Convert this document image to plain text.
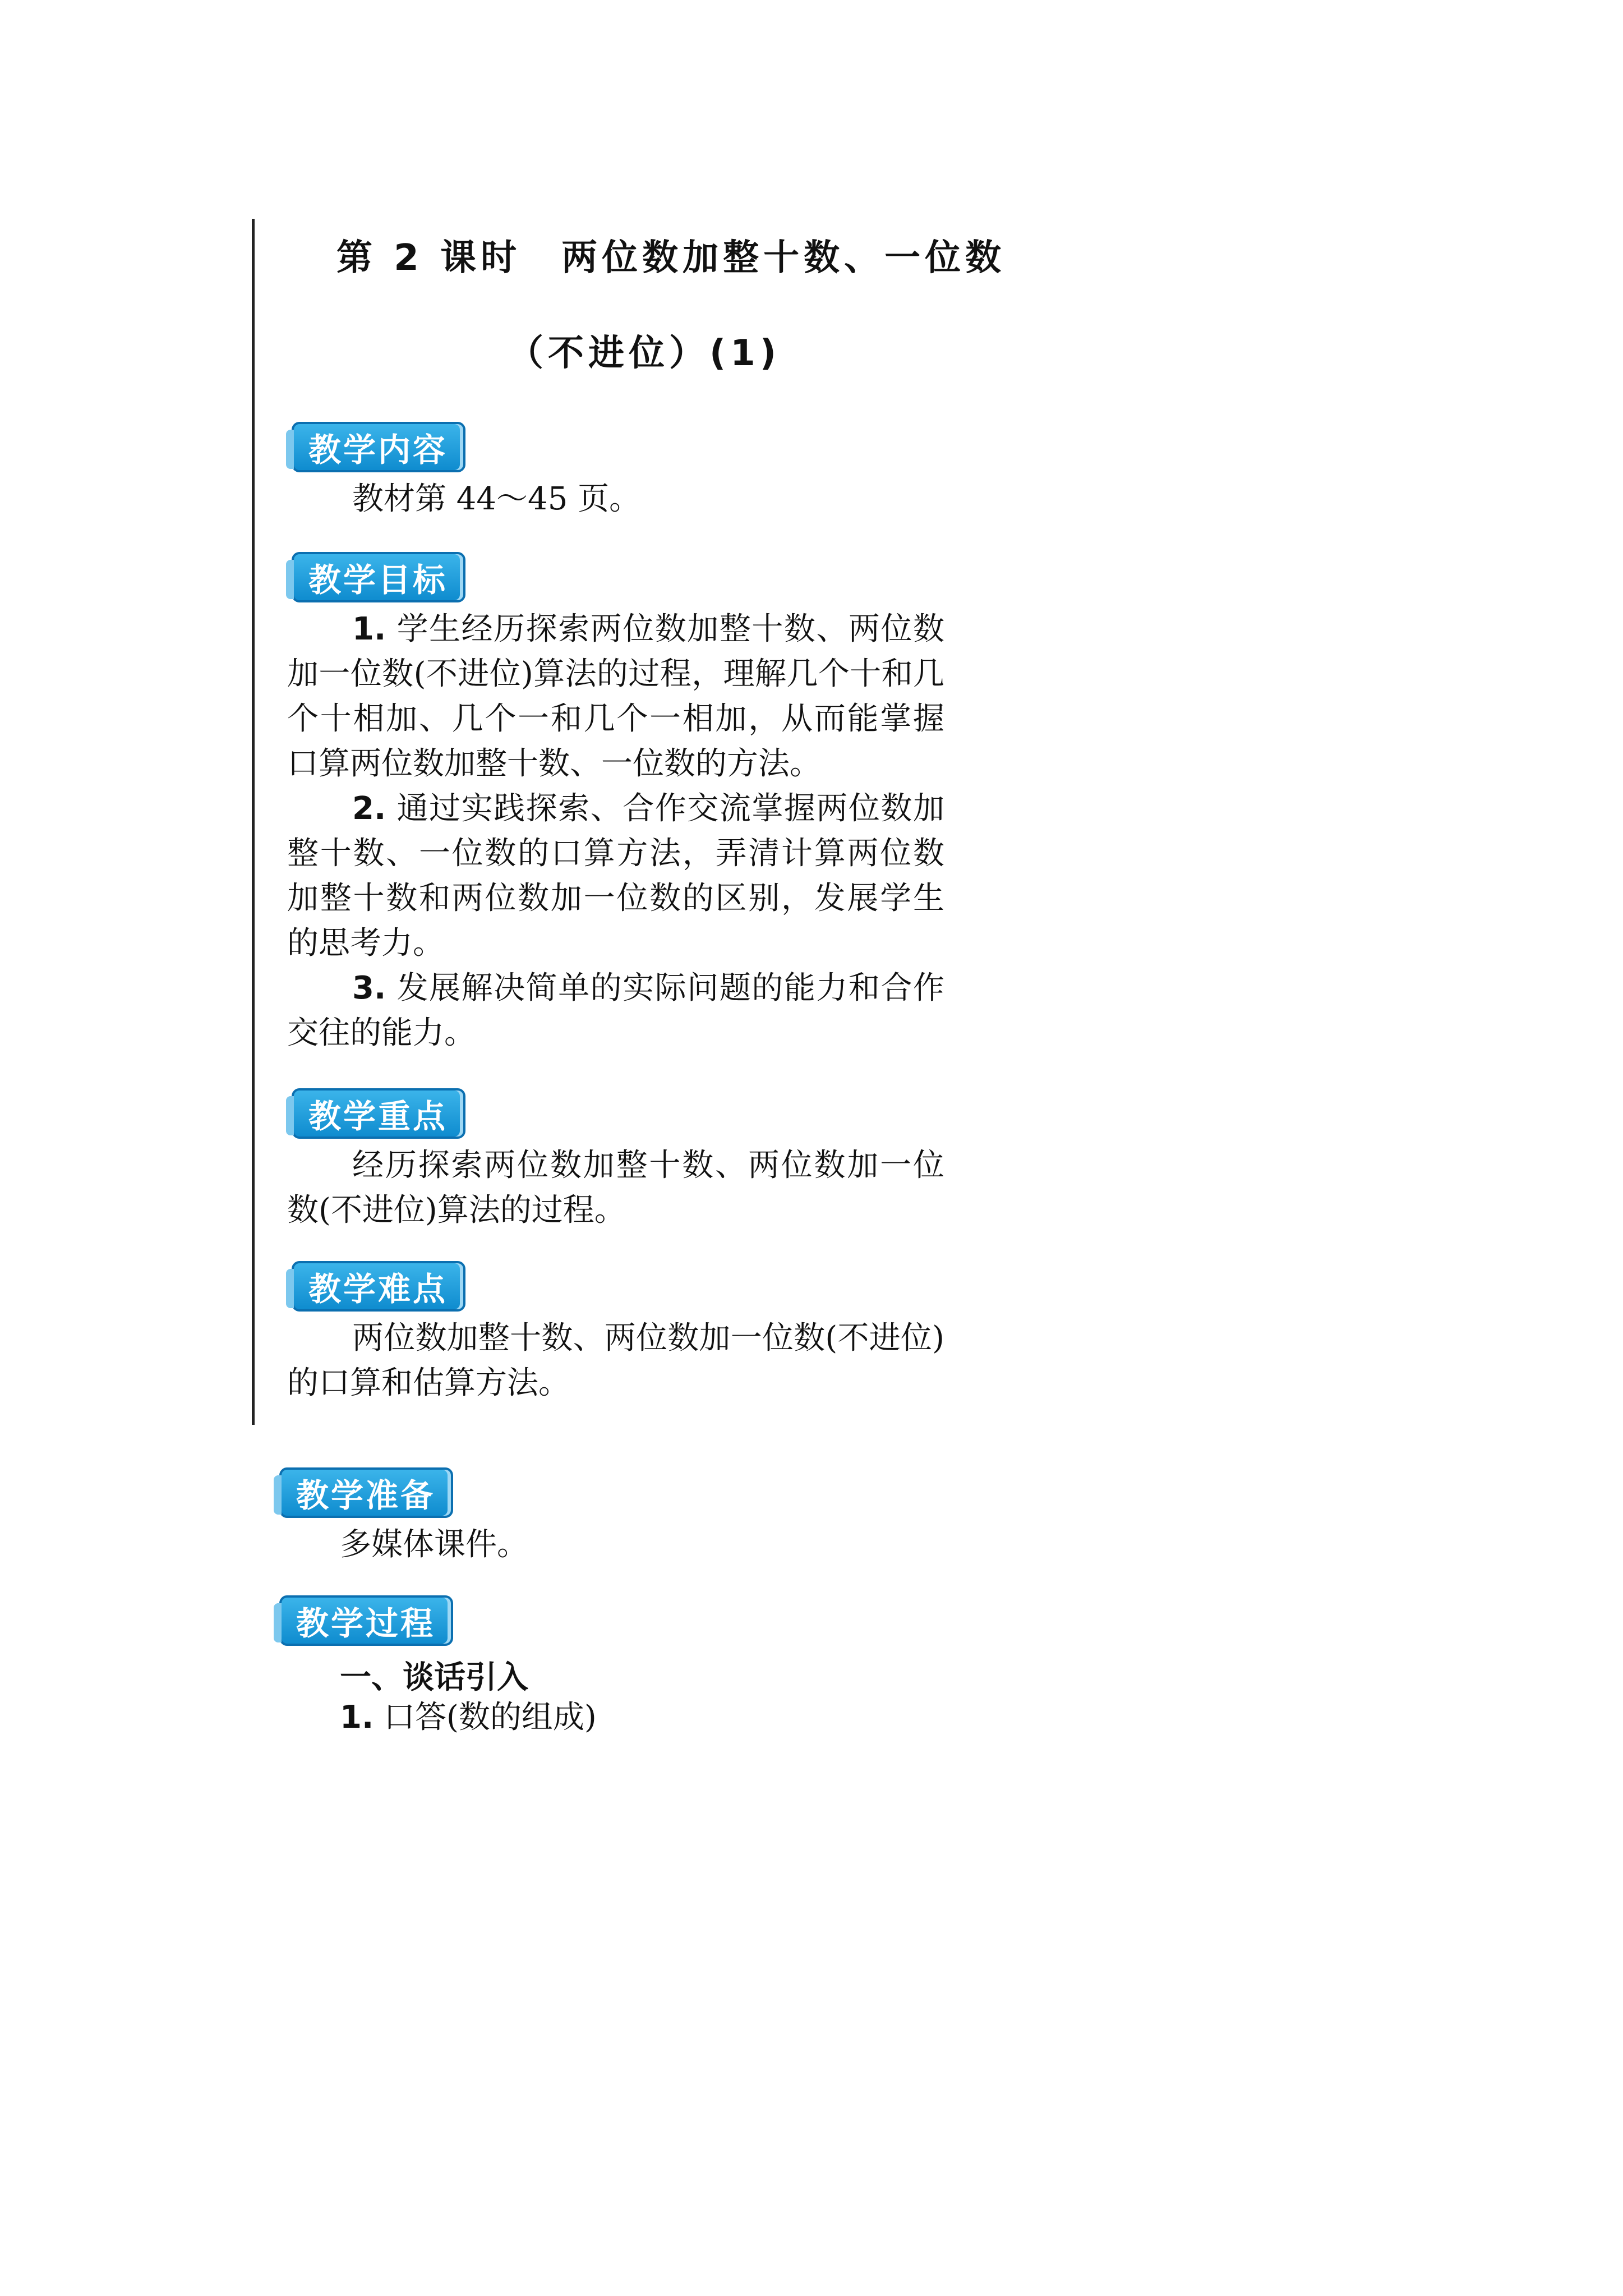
第 2 课时　两位数加整十数、一位数
（不进位）(1)
教学内容
教材第 44～45 页。
教学目标
1. 学生经历探索两位数加整十数、两位数加一位数(不进位)算法的过程，理解几个十和几个十相加、几个一和几个一相加，从而能掌握口算两位数加整十数、一位数的方法。
2. 通过实践探索、合作交流掌握两位数加整十数、一位数的口算方法，弄清计算两位数加整十数和两位数加一位数的区别，发展学生的思考力。
3. 发展解决简单的实际问题的能力和合作交往的能力。
教学重点
经历探索两位数加整十数、两位数加一位数(不进位)算法的过程。
教学难点
两位数加整十数、两位数加一位数(不进位)的口算和估算方法。
教学准备
多媒体课件。
教学过程
一、谈话引入
1. 口答(数的组成)
